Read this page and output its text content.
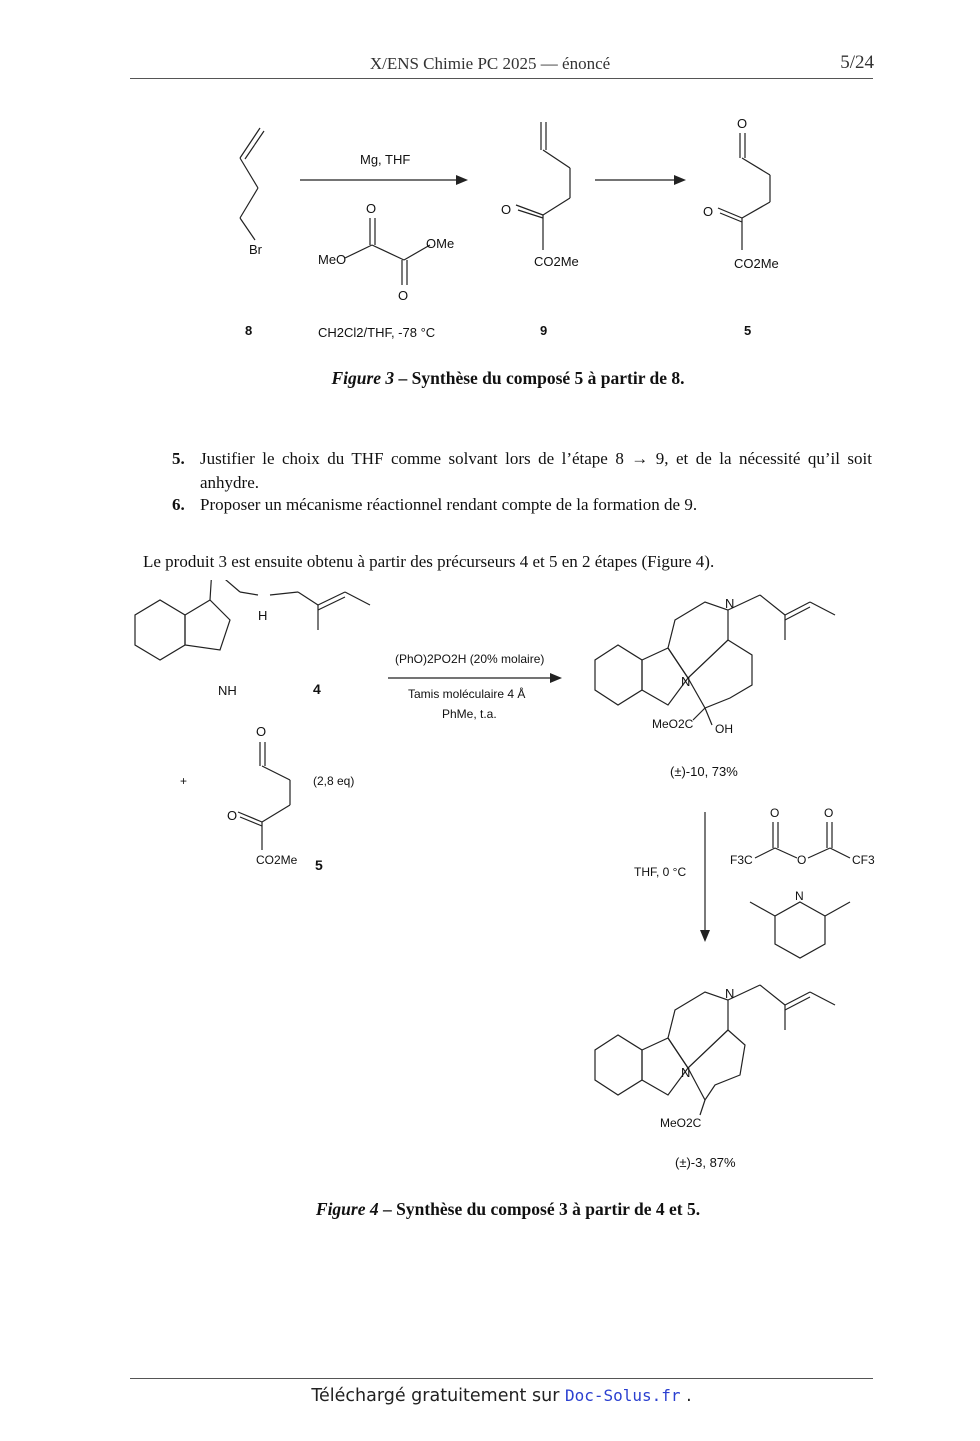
X/ENS Chimie PC 2025 — énoncé	5/24
Br
Mg, THF
O
OMe
MeO
O
CH2Cl2/THF, -78 °C
8
O
CO2Me
9
O
O
CO2Me
5
Figure 3 – Synthèse du composé 5 à partir de 8.
5. Justifier le choix du THF comme solvant lors de l’étape 8 → 9, et de la nécessité qu’il soit anhydre.
6. Proposer un mécanisme réactionnel rendant compte de la formation de 9.
Le produit 3 est ensuite obtenu à partir des précurseurs 4 et 5 en 2 étapes (Figure 4).
H
NH	4
(PhO)2PO2H (20% molaire)
Tamis moléculaire 4 Å
PhMe, t.a.
O
O
CO2Me
+	(2,8 eq)
5
N
N
MeO2C OH
(±)-10, 73%
THF, 0 °C
O	O
F3C	O	CF3
N
N
N
MeO2C
(±)-3, 87%
Figure 4 – Synthèse du composé 3 à partir de 4 et 5.
Téléchargé gratuitement sur Doc-Solus.fr .
